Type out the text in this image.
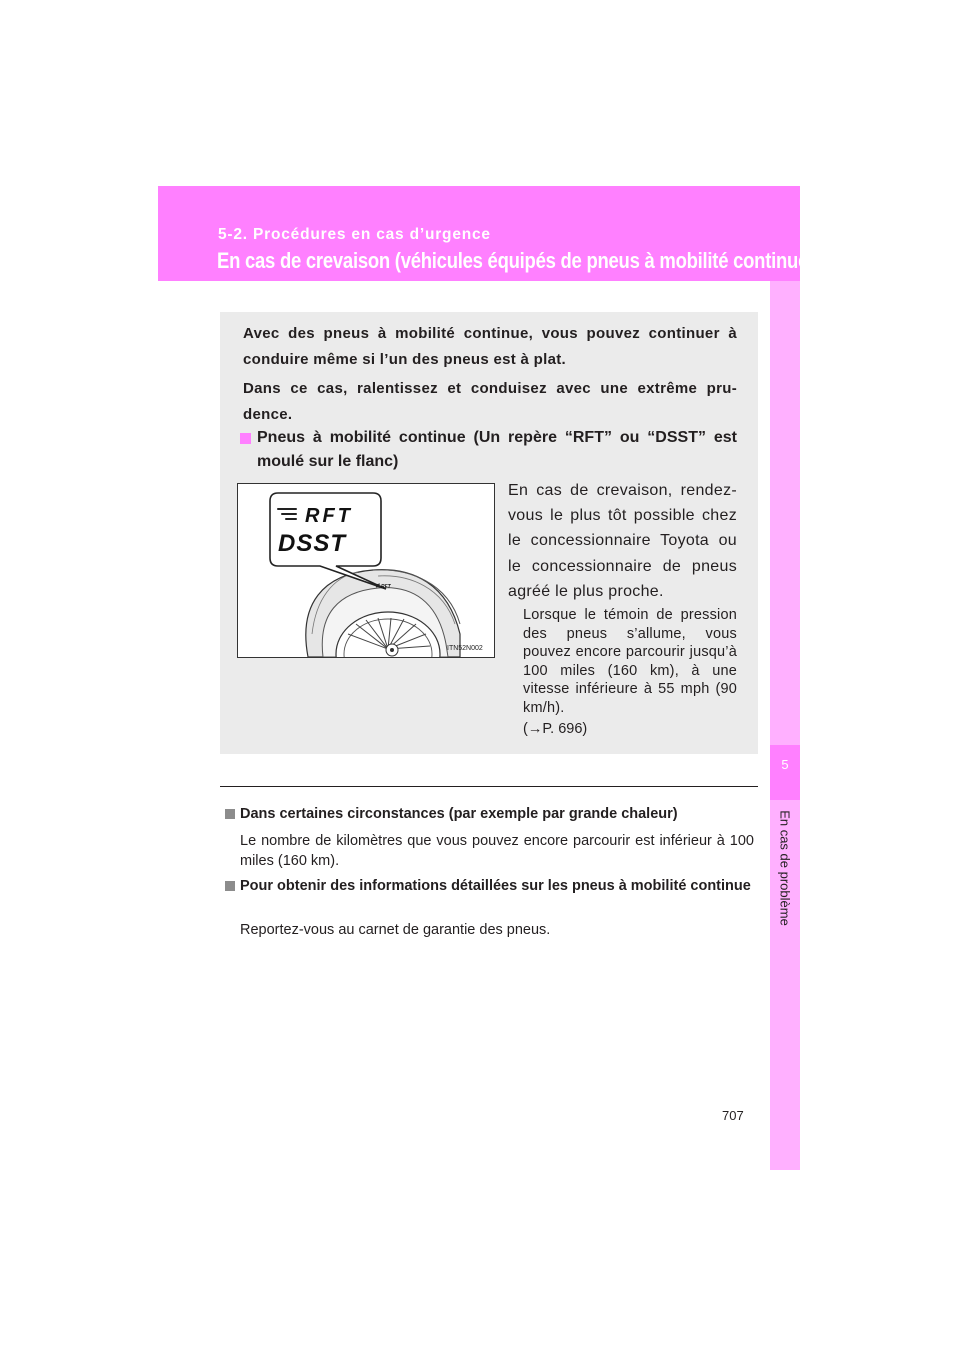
5-2. Procédures en cas d’urgence
En cas de crevaison (véhicules équipés de pneus à mobilité continue)
5
En cas de problème
Avec des pneus à mobilité continue, vous pouvez continuer à
conduire même si l’un des pneus est à plat.
Dans ce cas, ralentissez et conduisez avec une extrême pru-
dence.
Pneus à mobilité continue (Un repère “RFT” ou “DSST” est
moulé sur le flanc)
RFT
DSST
RFT
ITN52N002
En cas de crevaison, rendez-vous le plus tôt possible chez le concessionnaire Toyota ou le concessionnaire de pneus agréé le plus proche.
Lorsque le témoin de pression des pneus s’allume, vous pouvez encore parcourir jusqu’à 100 miles (160 km), à une vitesse inférieure à 55 mph (90 km/h).
(→P. 696)
Dans certaines circonstances (par exemple par grande chaleur)
Le nombre de kilomètres que vous pouvez encore parcourir est inférieur à 100 miles (160 km).
Pour obtenir des informations détaillées sur les pneus à mobilité continue
Reportez-vous au carnet de garantie des pneus.
707
